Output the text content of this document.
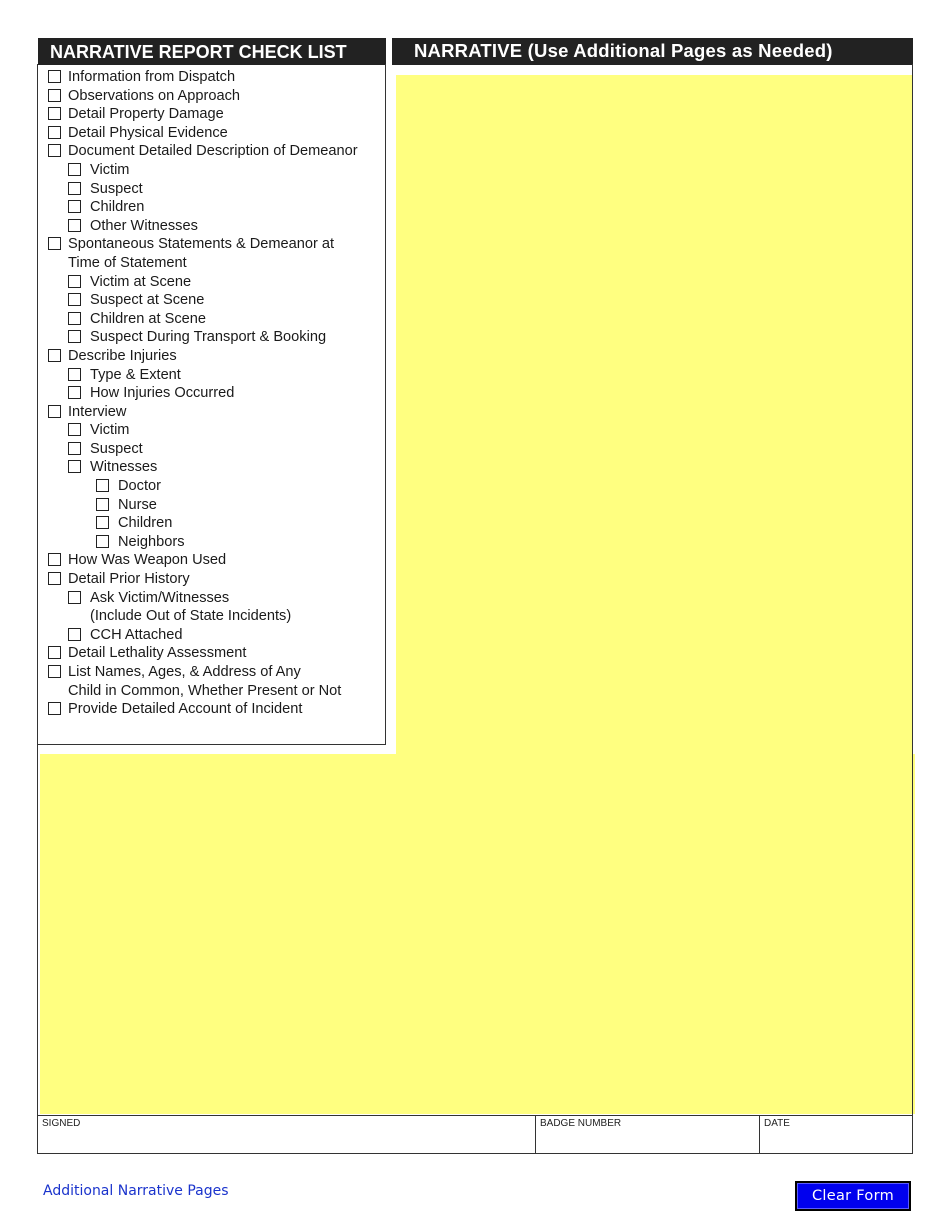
NARRATIVE REPORT CHECK LIST	NARRATIVE (Use Additional Pages as Needed)
Information from Dispatch
Observations on Approach
Detail Property Damage
Detail Physical Evidence
Document Detailed Description of Demeanor
Victim
Suspect
Children
Other Witnesses
Spontaneous Statements & Demeanor at
Time of Statement
Victim at Scene
Suspect at Scene
Children at Scene
Suspect During Transport & Booking
Describe Injuries
Type & Extent
How Injuries Occurred
Interview
Victim
Suspect
Witnesses
Doctor
Nurse
Children
Neighbors
How Was Weapon Used
Detail Prior History
Ask Victim/Witnesses
(Include Out of State Incidents)
CCH Attached
Detail Lethality Assessment
List Names, Ages, & Address of Any
Child in Common, Whether Present or Not
Provide Detailed Account of Incident
SIGNED	BADGE NUMBER	DATE
Additional Narrative Pages	Clear Form
